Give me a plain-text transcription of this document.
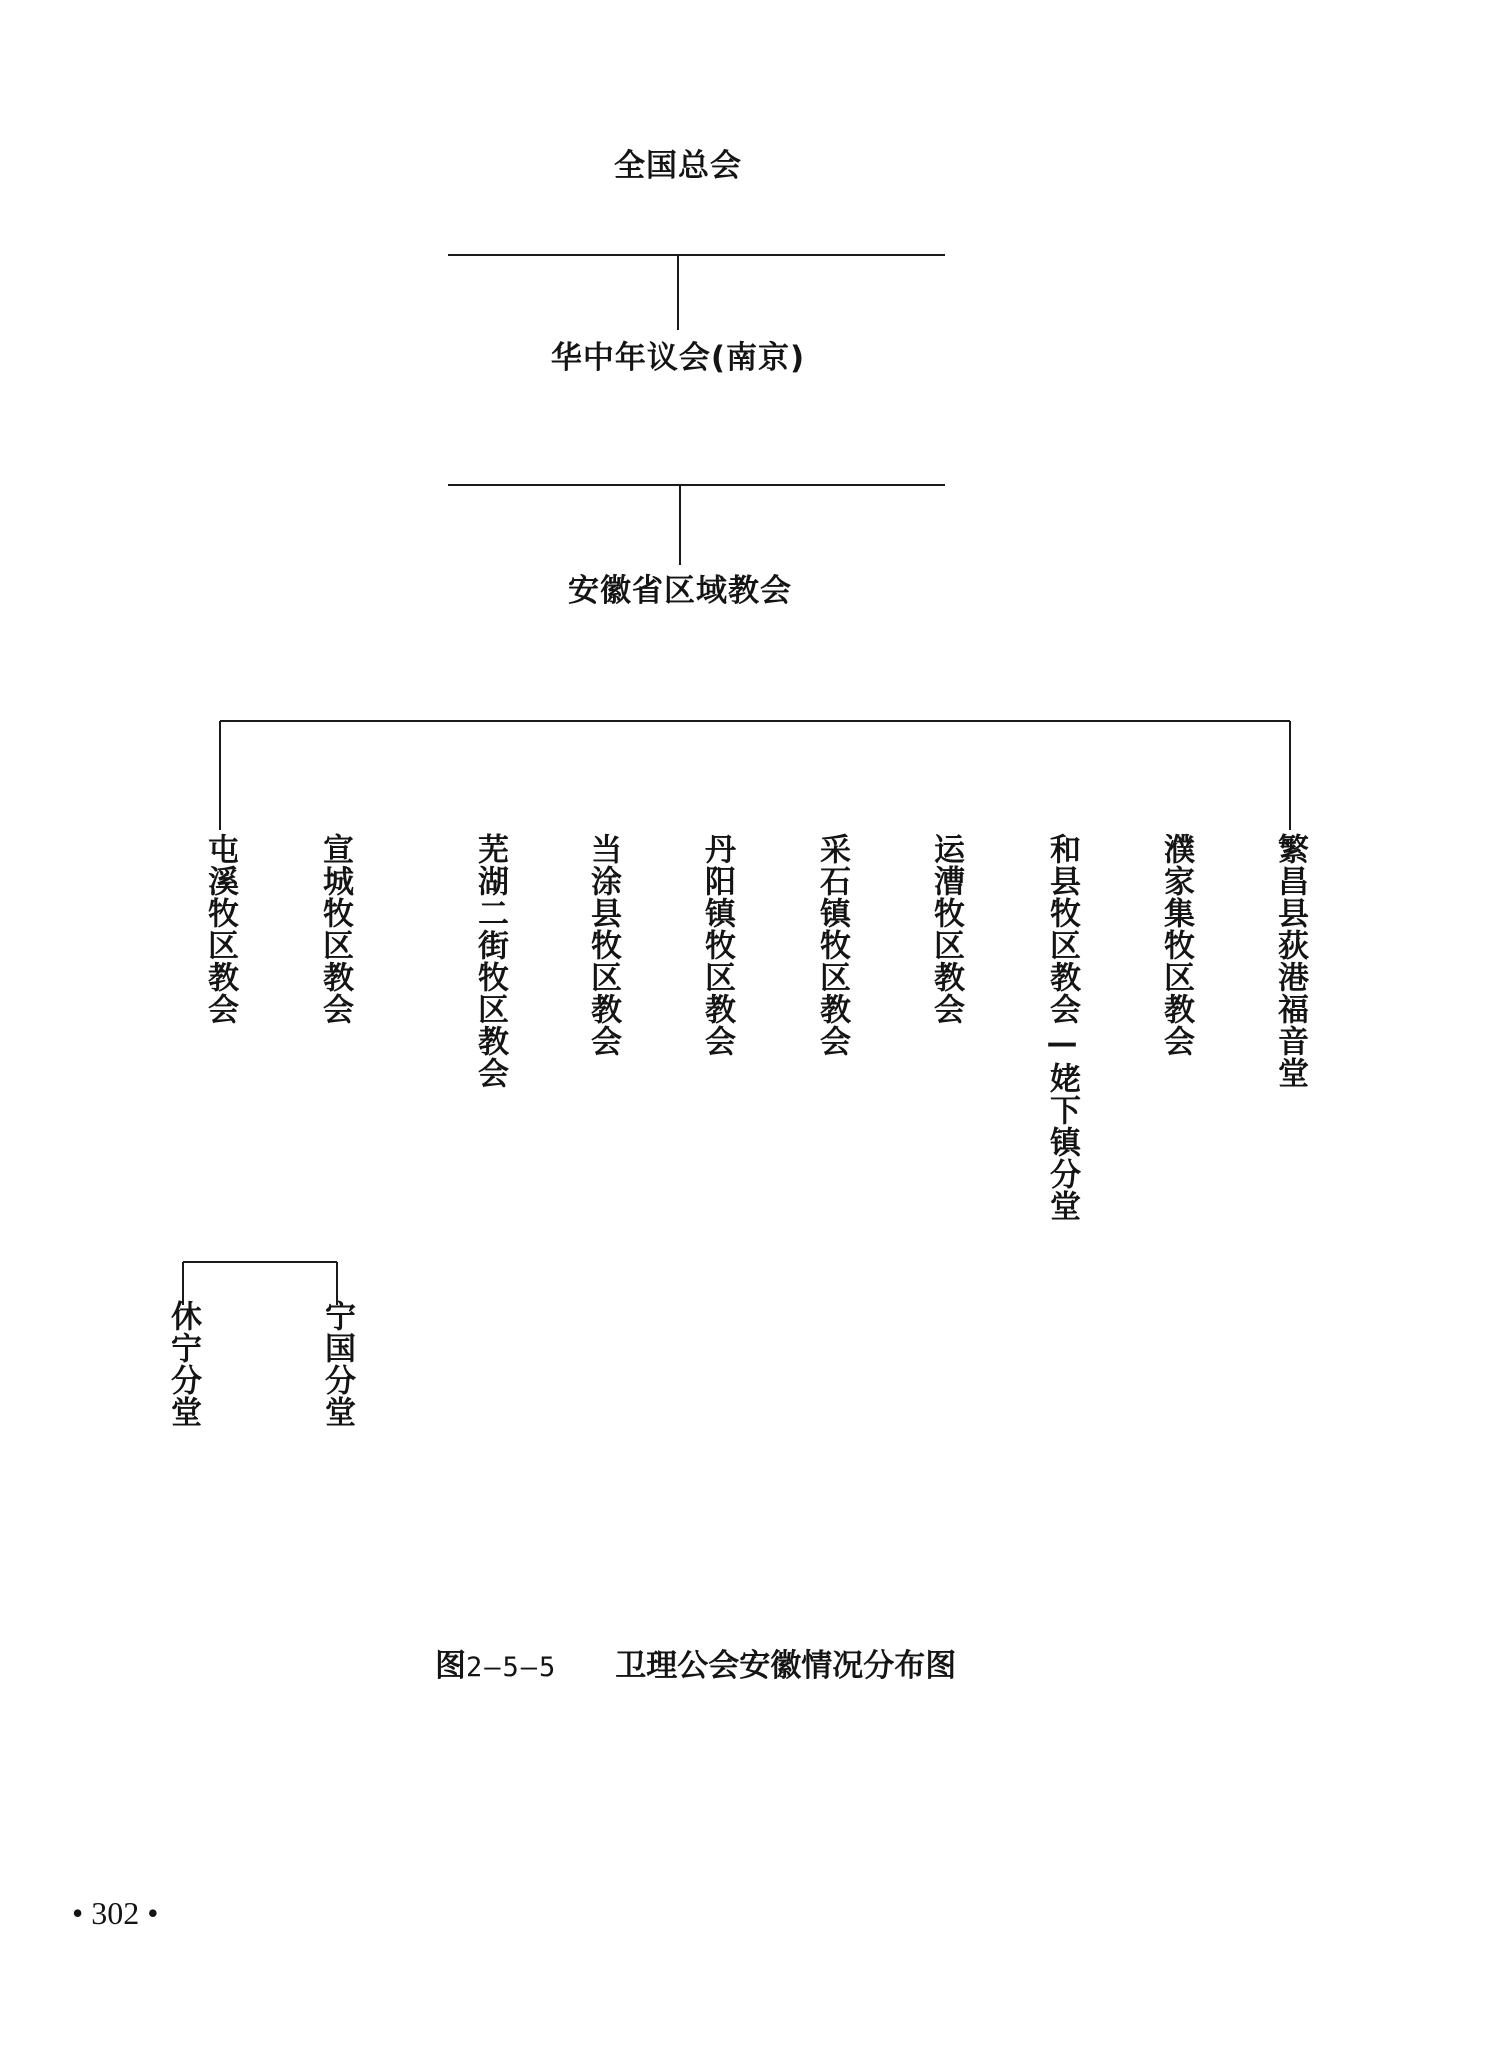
全国总会
华中年议会(南京)
安徽省区域教会
屯溪牧区教会	宣城牧区教会	芜湖二街牧区教会 当涂县牧区教会	丹阳镇牧区教会	采石镇牧区教会	运漕牧区教会	和县牧区教会—姥下镇分堂	濮家集牧区教会	繁昌县荻港福音堂
休宁分堂	宁国分堂
图2—5—5 卫理公会安徽情况分布图
• 302 •
